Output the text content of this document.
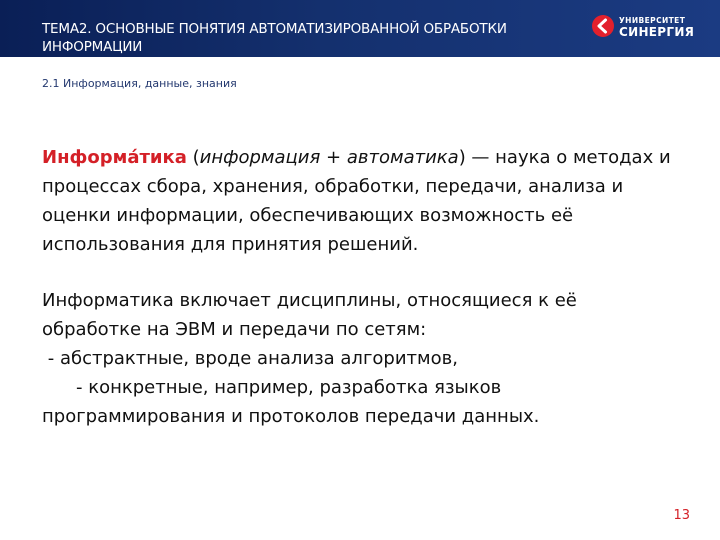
ТЕМА2. ОСНОВНЫЕ ПОНЯТИЯ АВТОМАТИЗИРОВАННОЙ ОБРАБОТКИ ИНФОРМАЦИИ
УНИВЕРСИТЕТ
СИНЕРГИЯ
2.1 Информация, данные, знания

Информа́тика (информация + автоматика) — наука о методах и процессах сбора, хранения, обработки, передачи, анализа и оценки информации, обеспечивающих возможность её использования для принятия решений.

Информатика включает дисциплины, относящиеся к её обработке на ЭВМ и передачи по сетям:
- абстрактные, вроде анализа алгоритмов,
- конкретные, например, разработка языков
программирования и протоколов передачи данных.

13
